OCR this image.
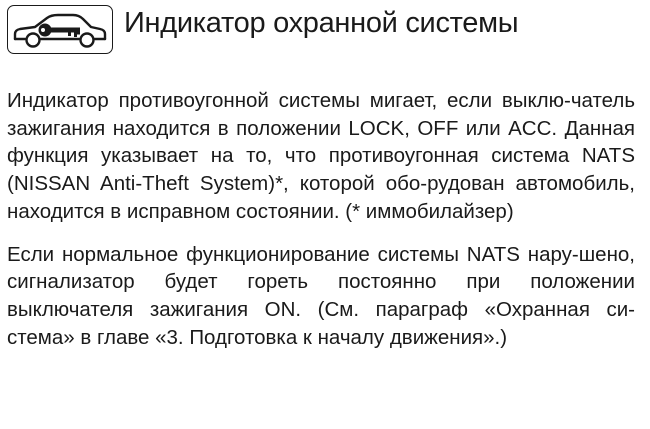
Индикатор охранной системы

Индикатор противоугонной системы мигает, если выклю-чатель зажигания находится в положении LOCK, OFF или ACC. Данная функция указывает на то, что противоугонная система NATS (NISSAN Anti-Theft System)*, которой обо-рудован автомобиль, находится в исправном состоянии. (* иммобилайзер)

Если нормальное функционирование системы NATS нару-шено, сигнализатор будет гореть постоянно при положении выключателя зажигания ON. (См. параграф «Охранная си-стема» в главе «3. Подготовка к началу движения».)
